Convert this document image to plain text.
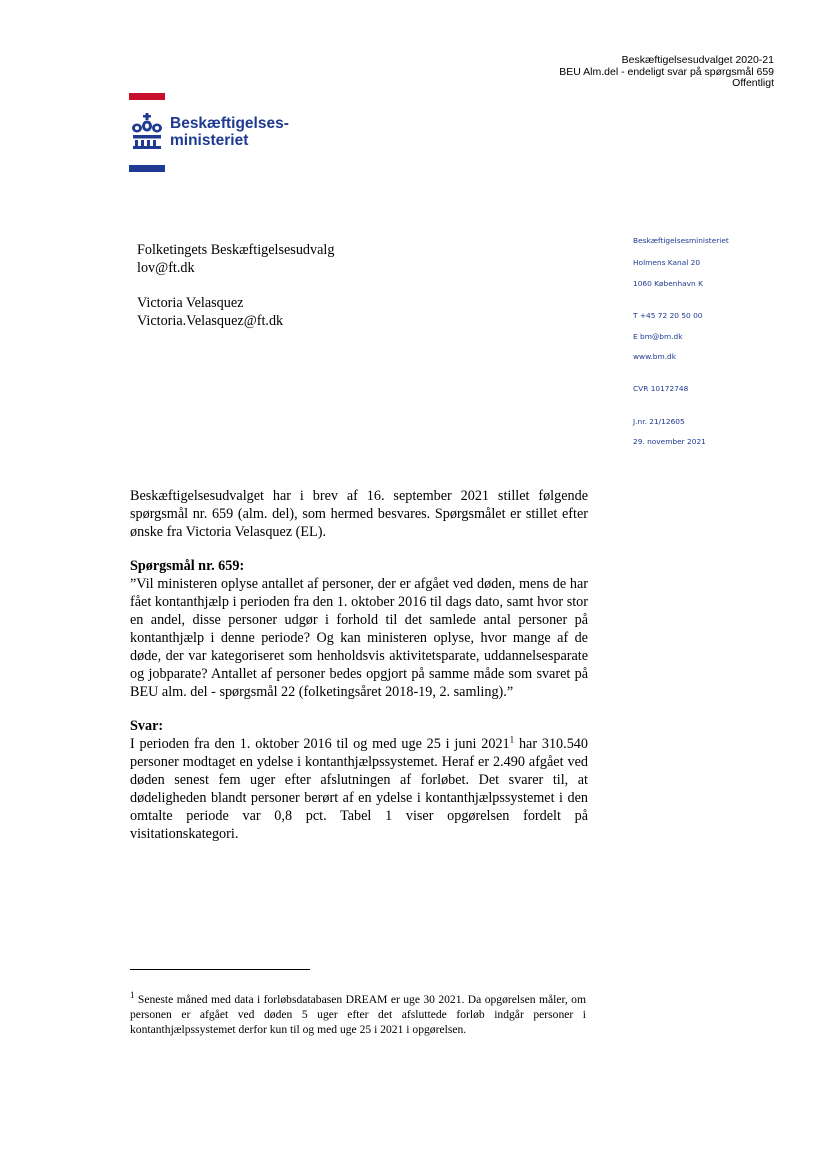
Beskæftigelsesudvalget 2020-21
BEU Alm.del - endeligt svar på spørgsmål 659
Offentligt
Beskæftigelses-
ministeriet
Folketingets Beskæftigelsesudvalg
lov@ft.dk
Victoria Velasquez
Victoria.Velasquez@ft.dk
Beskæftigelsesministeriet
Holmens Kanal 20
1060 København K
T +45 72 20 50 00
E bm@bm.dk
www.bm.dk
CVR 10172748
J.nr. 21/12605
29. november 2021

Beskæftigelsesudvalget har i brev af 16. september 2021 stillet følgende spørgsmål nr. 659 (alm. del), som hermed besvares. Spørgsmålet er stillet efter ønske fra Victoria Velasquez (EL).

Spørgsmål nr. 659:

”Vil ministeren oplyse antallet af personer, der er afgået ved døden, mens de har fået kontanthjælp i perioden fra den 1. oktober 2016 til dags dato, samt hvor stor en andel, disse personer udgør i forhold til det samlede antal personer på kontanthjælp i denne periode? Og kan ministeren oplyse, hvor mange af de døde, der var kategoriseret som henholdsvis aktivitetsparate, uddannelsesparate og jobparate? Antallet af personer bedes opgjort på samme måde som svaret på BEU alm. del - spørgsmål 22 (folketingsåret 2018-19, 2. samling).”

Svar:

I perioden fra den 1. oktober 2016 til og med uge 25 i juni 2021$^1$ har 310.540 personer modtaget en ydelse i kontanthjælpssystemet. Heraf er 2.490 afgået ved døden senest fem uger efter afslutningen af forløbet. Det svarer til, at dødeligheden blandt personer berørt af en ydelse i kontanthjælpssystemet i den omtalte periode var 0,8 pct. Tabel 1 viser opgørelsen fordelt på visitationskategori.

$^1$ Seneste måned med data i forløbsdatabasen DREAM er uge 30 2021. Da opgørelsen måler, om personen er afgået ved døden 5 uger efter det afsluttede forløb indgår personer i kontanthjælpssystemet derfor kun til og med uge 25 i 2021 i opgørelsen.
